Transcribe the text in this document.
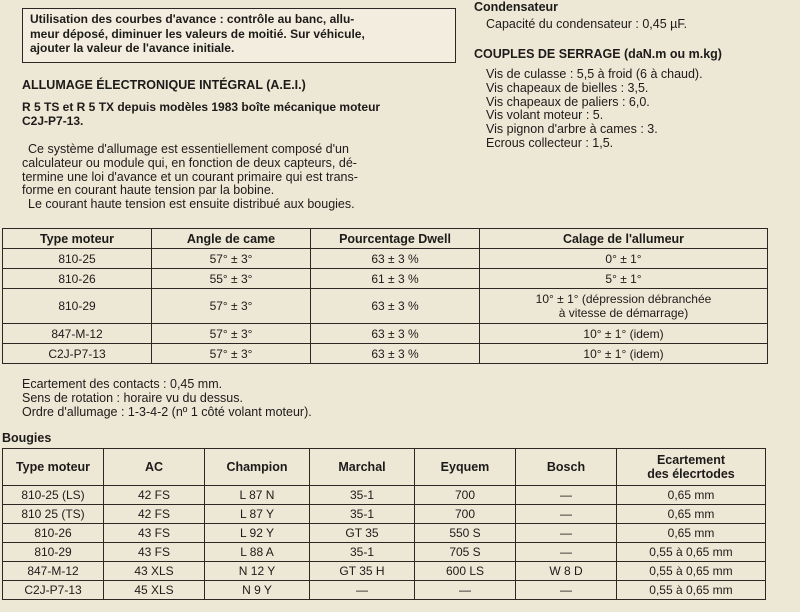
Utilisation des courbes d'avance : contrôle au banc, allu-
meur déposé, diminuer les valeurs de moitié. Sur véhicule,
ajouter la valeur de l'avance initiale.
ALLUMAGE ÉLECTRONIQUE INTÉGRAL (A.E.I.)
R 5 TS et R 5 TX depuis modèles 1983 boîte mécanique moteur
C2J-P7-13.
Ce système d'allumage est essentiellement composé d'un
calculateur ou module qui, en fonction de deux capteurs, dé-
termine une loi d'avance et un courant primaire qui est trans-
forme en courant haute tension par la bobine.
Le courant haute tension est ensuite distribué aux bougies.
Condensateur
Capacité du condensateur : 0,45 µF.
COUPLES DE SERRAGE (daN.m ou m.kg)
Vis de culasse : 5,5 à froid (6 à chaud).
Vis chapeaux de bielles : 3,5.
Vis chapeaux de paliers : 6,0.
Vis volant moteur : 5.
Vis pignon d'arbre à cames : 3.
Ecrous collecteur : 1,5.
Type moteur	Angle de came	Pourcentage Dwell	Calage de l'allumeur
810-25	57° ± 3°	63 ± 3 %	0° ± 1°
810-26	55° ± 3°	61 ± 3 %	5° ± 1°
810-29	57° ± 3°	63 ± 3 %	10° ± 1° (dépression débranchée
à vitesse de démarrage)

847-M-12	57° ± 3°	63 ± 3 %	10° ± 1° (idem)
C2J-P7-13	57° ± 3°	63 ± 3 %	10° ± 1° (idem)
Ecartement des contacts : 0,45 mm.
Sens de rotation : horaire vu du dessus.
Ordre d'allumage : 1-3-4-2 (nº 1 côté volant moteur).
Bougies
Type moteur	AC	Champion	Marchal	Eyquem	Bosch	Ecartement
des élecrtodes

810-25 (LS)	42 FS	L 87 N	35-1	700	—	0,65 mm
810 25 (TS)	42 FS	L 87 Y	35-1	700	—	0,65 mm
810-26	43 FS	L 92 Y	GT 35	550 S	—	0,65 mm
810-29	43 FS	L 88 A	35-1	705 S	—	0,55 à 0,65 mm
847-M-12	43 XLS	N 12 Y	GT 35 H	600 LS	W 8 D	0,55 à 0,65 mm
C2J-P7-13	45 XLS	N 9 Y	—	—	—	0,55 à 0,65 mm
